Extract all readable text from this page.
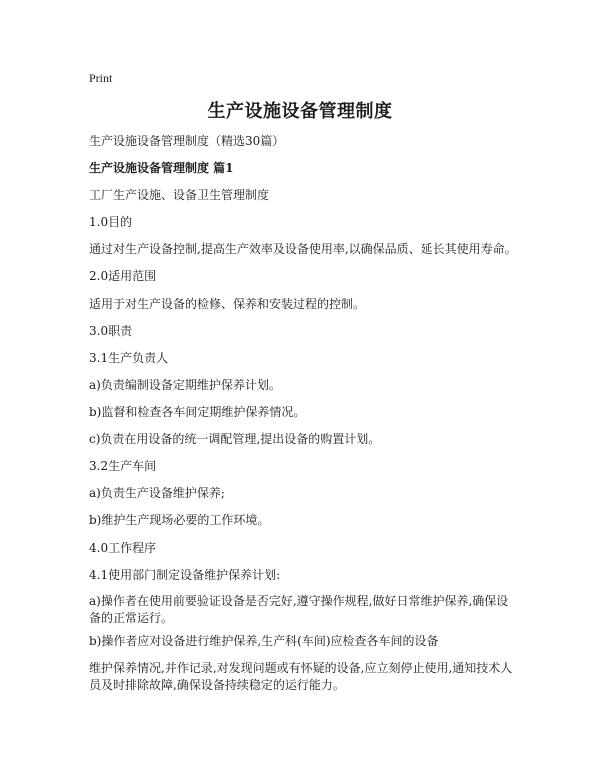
Print
生产设施设备管理制度
生产设施设备管理制度（精选30篇）
生产设施设备管理制度 篇1
工厂生产设施、设备卫生管理制度
1.0目的
通过对生产设备控制,提高生产效率及设备使用率,以确保品质、延长其使用寿命。
2.0适用范围
适用于对生产设备的检修、保养和安装过程的控制。
3.0职责
3.1生产负责人
a)负责编制设备定期维护保养计划。
b)监督和检查各车间定期维护保养情况。
c)负责在用设备的统一调配管理,提出设备的购置计划。
3.2生产车间
a)负责生产设备维护保养;
b)维护生产现场必要的工作环境。
4.0工作程序
4.1使用部门制定设备维护保养计划:
a)操作者在使用前要验证设备是否完好,遵守操作规程,做好日常维护保养,确保设备的正常运行。
b)操作者应对设备进行维护保养,生产科(车间)应检查各车间的设备
维护保养情况,并作记录,对发现问题或有怀疑的设备,应立刻停止使用,通知技术人员及时排除故障,确保设备持续稳定的运行能力。
